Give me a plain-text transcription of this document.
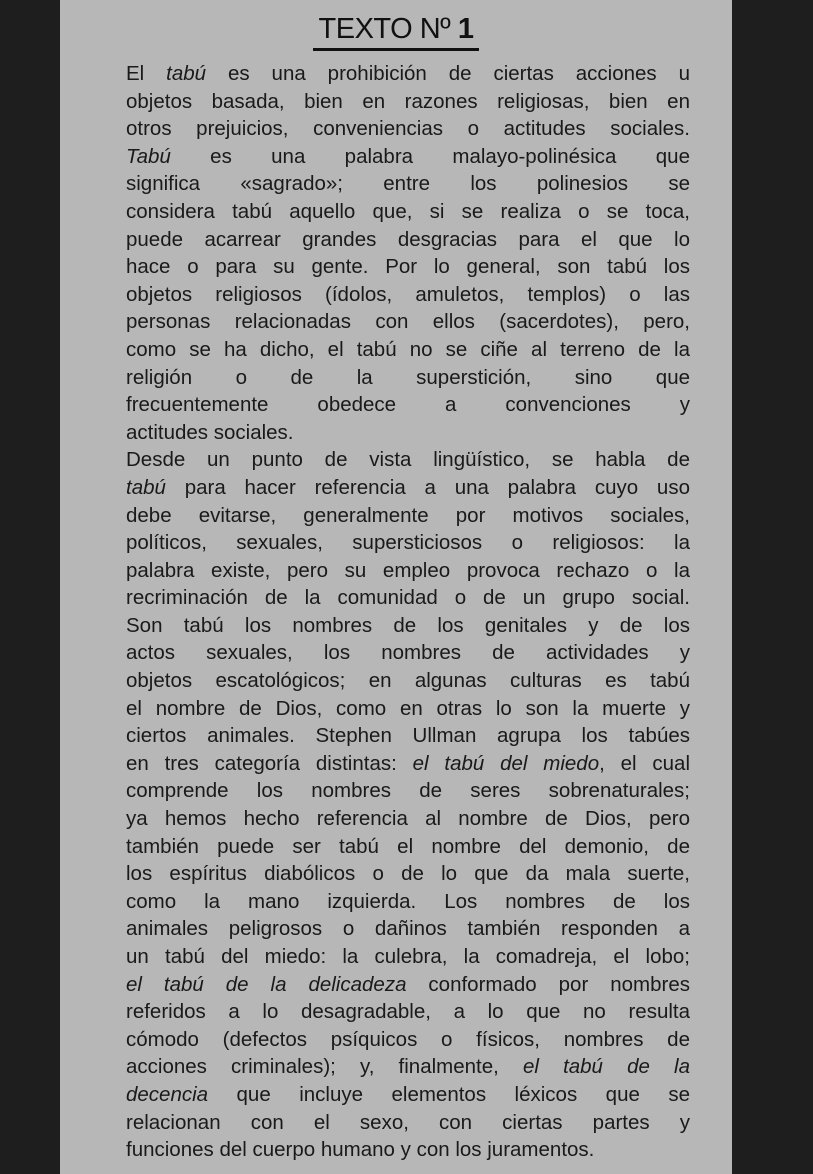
TEXTO Nº 1
El tabú es una prohibición de ciertas acciones u
objetos basada, bien en razones religiosas, bien en
otros prejuicios, conveniencias o actitudes sociales.
Tabú es una palabra malayo-polinésica que
significa «sagrado»; entre los polinesios se
considera tabú aquello que, si se realiza o se toca,
puede acarrear grandes desgracias para el que lo
hace o para su gente. Por lo general, son tabú los
objetos religiosos (ídolos, amuletos, templos) o las
personas relacionadas con ellos (sacerdotes), pero,
como se ha dicho, el tabú no se ciñe al terreno de la
religión o de la superstición, sino que
frecuentemente obedece a convenciones y
actitudes sociales.
Desde un punto de vista lingüístico, se habla de
tabú para hacer referencia a una palabra cuyo uso
debe evitarse, generalmente por motivos sociales,
políticos, sexuales, supersticiosos o religiosos: la
palabra existe, pero su empleo provoca rechazo o la
recriminación de la comunidad o de un grupo social.
Son tabú los nombres de los genitales y de los
actos sexuales, los nombres de actividades y
objetos escatológicos; en algunas culturas es tabú
el nombre de Dios, como en otras lo son la muerte y
ciertos animales. Stephen Ullman agrupa los tabúes
en tres categoría distintas: el tabú del miedo, el cual
comprende los nombres de seres sobrenaturales;
ya hemos hecho referencia al nombre de Dios, pero
también puede ser tabú el nombre del demonio, de
los espíritus diabólicos o de lo que da mala suerte,
como la mano izquierda. Los nombres de los
animales peligrosos o dañinos también responden a
un tabú del miedo: la culebra, la comadreja, el lobo;
el tabú de la delicadeza conformado por nombres
referidos a lo desagradable, a lo que no resulta
cómodo (defectos psíquicos o físicos, nombres de
acciones criminales); y, finalmente, el tabú de la
decencia que incluye elementos léxicos que se
relacionan con el sexo, con ciertas partes y
funciones del cuerpo humano y con los juramentos.
